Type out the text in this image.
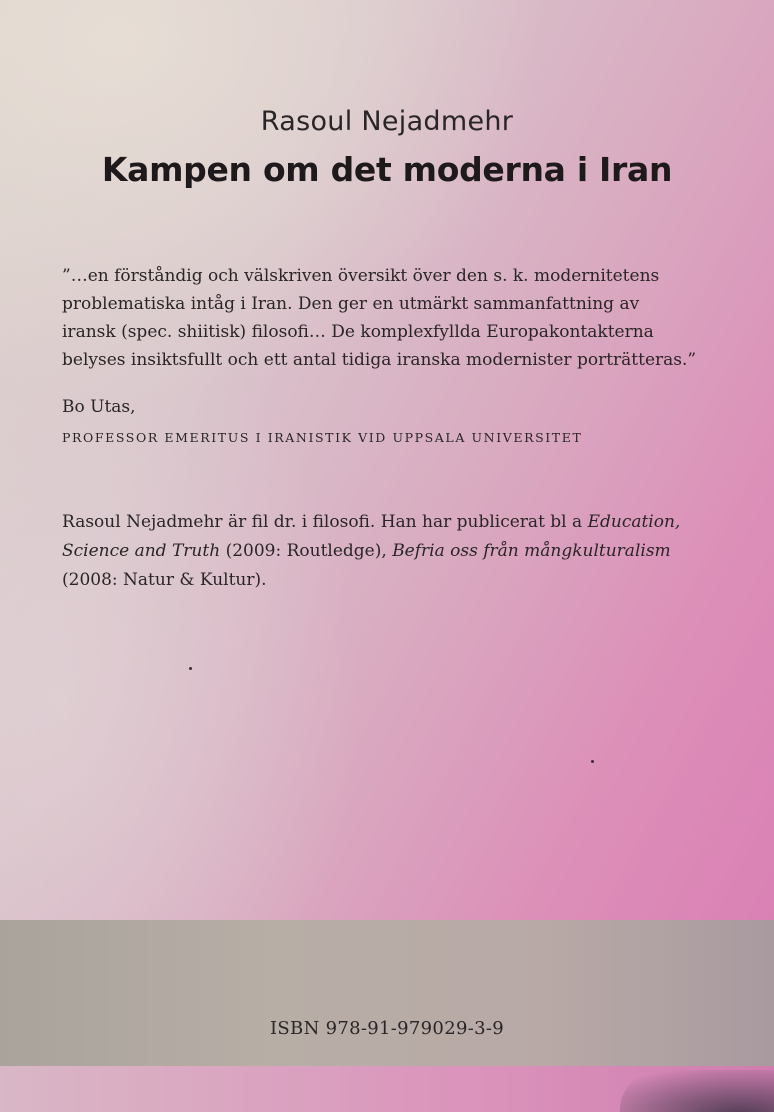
Rasoul Nejadmehr
Kampen om det moderna i Iran
”…en förståndig och välskriven översikt över den s. k. modernitetens
problematiska intåg i Iran. Den ger en utmärkt sammanfattning av
iransk (spec. shiitisk) filosofi… De komplexfyllda Europakontakterna
belyses insiktsfullt och ett antal tidiga iranska modernister porträtteras.”
Bo Utas,
PROFESSOR EMERITUS I IRANISTIK VID UPPSALA UNIVERSITET
Rasoul Nejadmehr är fil dr. i filosofi. Han har publicerat bl a Education,
Science and Truth (2009: Routledge), Befria oss från mångkulturalism
(2008: Natur & Kultur).
ISBN 978-91-979029-3-9
